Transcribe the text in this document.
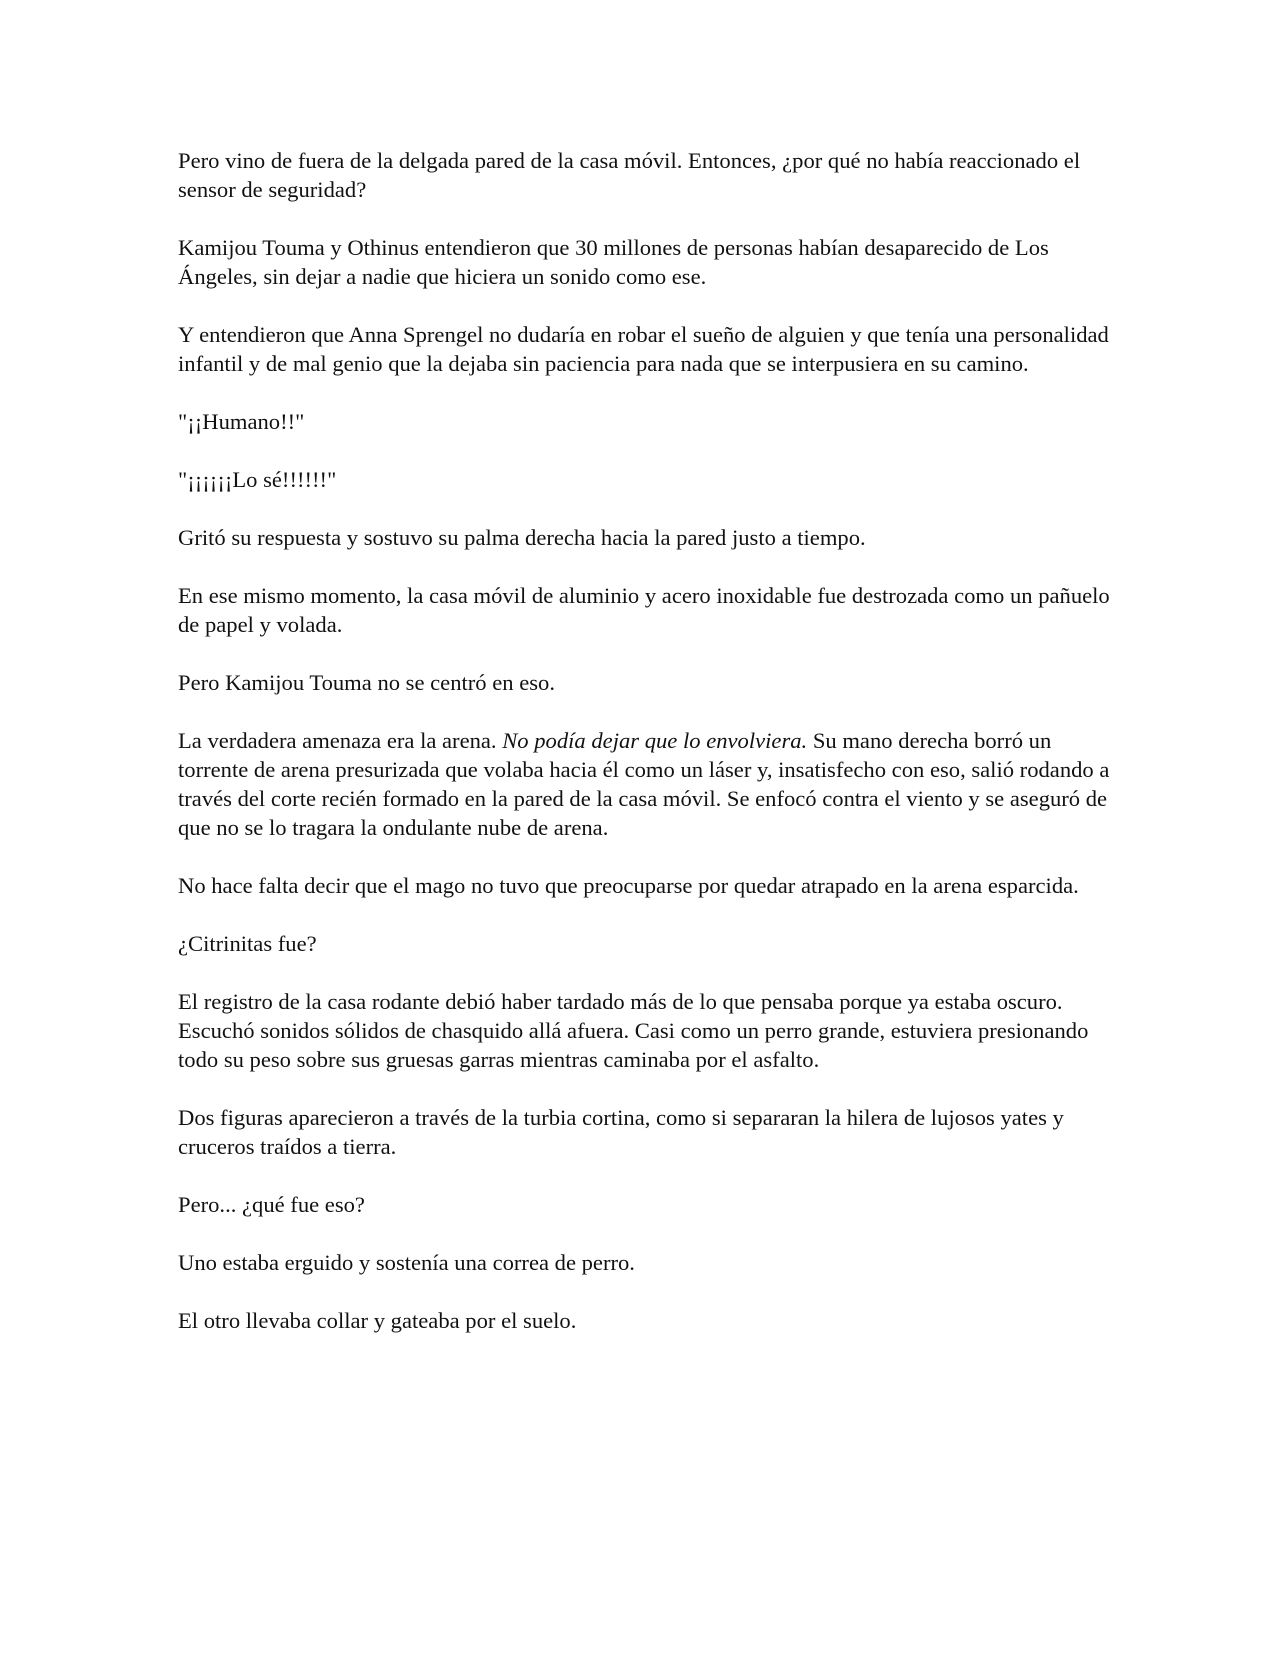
Pero vino de fuera de la delgada pared de la casa móvil. Entonces, ¿por qué no había reaccionado el sensor de seguridad?

Kamijou Touma y Othinus entendieron que 30 millones de personas habían desaparecido de Los Ángeles, sin dejar a nadie que hiciera un sonido como ese.

Y entendieron que Anna Sprengel no dudaría en robar el sueño de alguien y que tenía una personalidad infantil y de mal genio que la dejaba sin paciencia para nada que se interpusiera en su camino.

"¡¡Humano!!"

"¡¡¡¡¡¡Lo sé!!!!!!"

Gritó su respuesta y sostuvo su palma derecha hacia la pared justo a tiempo.

En ese mismo momento, la casa móvil de aluminio y acero inoxidable fue destrozada como un pañuelo de papel y volada.

Pero Kamijou Touma no se centró en eso.

La verdadera amenaza era la arena. No podía dejar que lo envolviera. Su mano derecha borró un torrente de arena presurizada que volaba hacia él como un láser y, insatisfecho con eso, salió rodando a través del corte recién formado en la pared de la casa móvil. Se enfocó contra el viento y se aseguró de que no se lo tragara la ondulante nube de arena.

No hace falta decir que el mago no tuvo que preocuparse por quedar atrapado en la arena esparcida.

¿Citrinitas fue?

El registro de la casa rodante debió haber tardado más de lo que pensaba porque ya estaba oscuro. Escuchó sonidos sólidos de chasquido allá afuera. Casi como un perro grande, estuviera presionando todo su peso sobre sus gruesas garras mientras caminaba por el asfalto.

Dos figuras aparecieron a través de la turbia cortina, como si separaran la hilera de lujosos yates y cruceros traídos a tierra.

Pero... ¿qué fue eso?

Uno estaba erguido y sostenía una correa de perro.

El otro llevaba collar y gateaba por el suelo.
